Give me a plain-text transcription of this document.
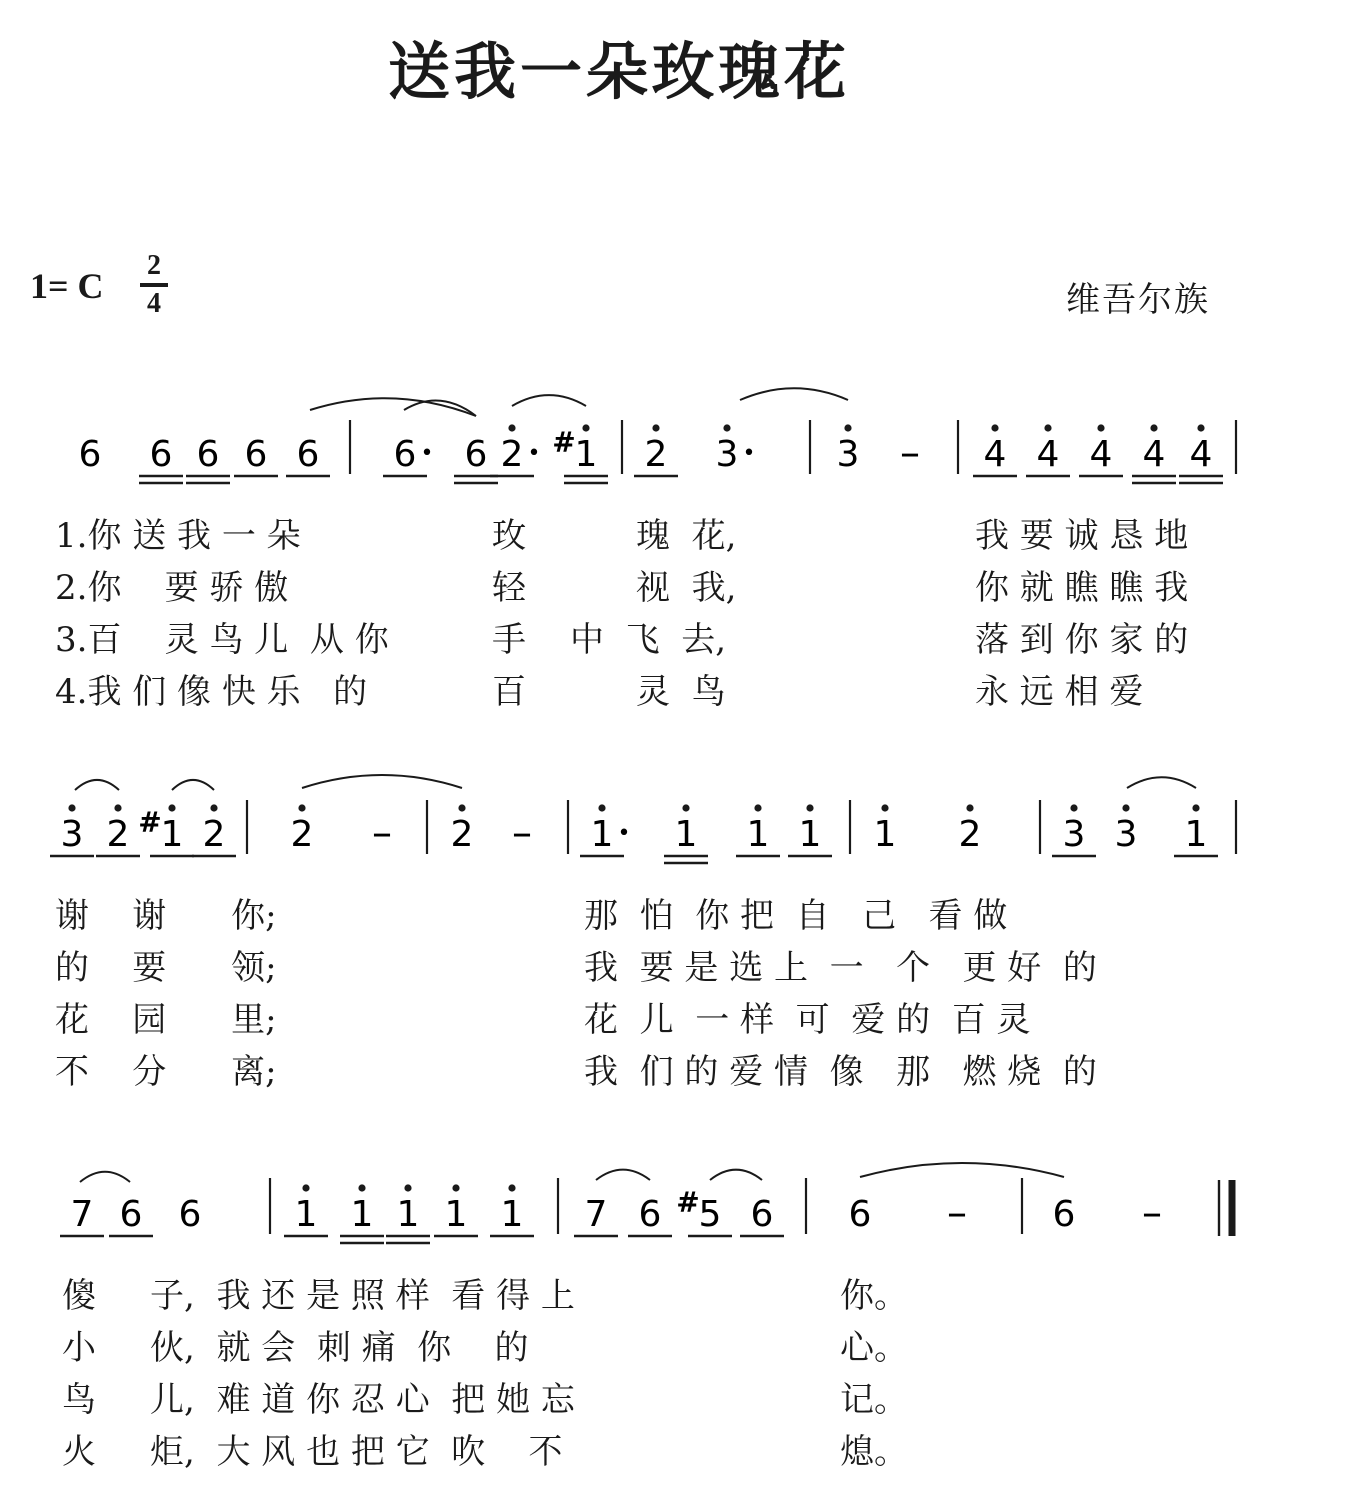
送我一朵玫瑰花
1= C
2
4	维吾尔族
6 6 6 6 6 6 • 6 2 • 1
# 2 3 • 3 – 4 4 4 4 4
3 2 1
# 2 2 – 2 – 1 • 1 1 1 1 2 3 3 1
7 6 6	1 1 1 1 1 7 6 5
# 6 6 – 6 –
1.你 送 我 一 朵	玫	瑰  花,	我 要 诚 恳 地
2.你    要 骄 傲	轻	视  我,	你 就 瞧 瞧 我
3.百    灵 鸟 儿  从 你	手 中  飞  去,	落 到 你 家 的
4.我 们 像 快 乐   的	百	灵  鸟	永 远 相 爱
谢    谢      你;	那  怕  你 把  自   己   看 做
的    要      领;	我  要 是 选 上  一   个   更 好  的
花    园      里;	花  儿  一 样  可  爱 的  百 灵
不    分      离;	我  们 的 爱 情  像   那   燃 烧  的
傻     子,  我 还 是 照 样  看 得 上	你。
小     伙,  就 会  刺 痛  你    的	心。
鸟     儿,  难 道 你 忍 心  把 她 忘	记。
火     炬,  大 风 也 把 它  吹    不	熄。
